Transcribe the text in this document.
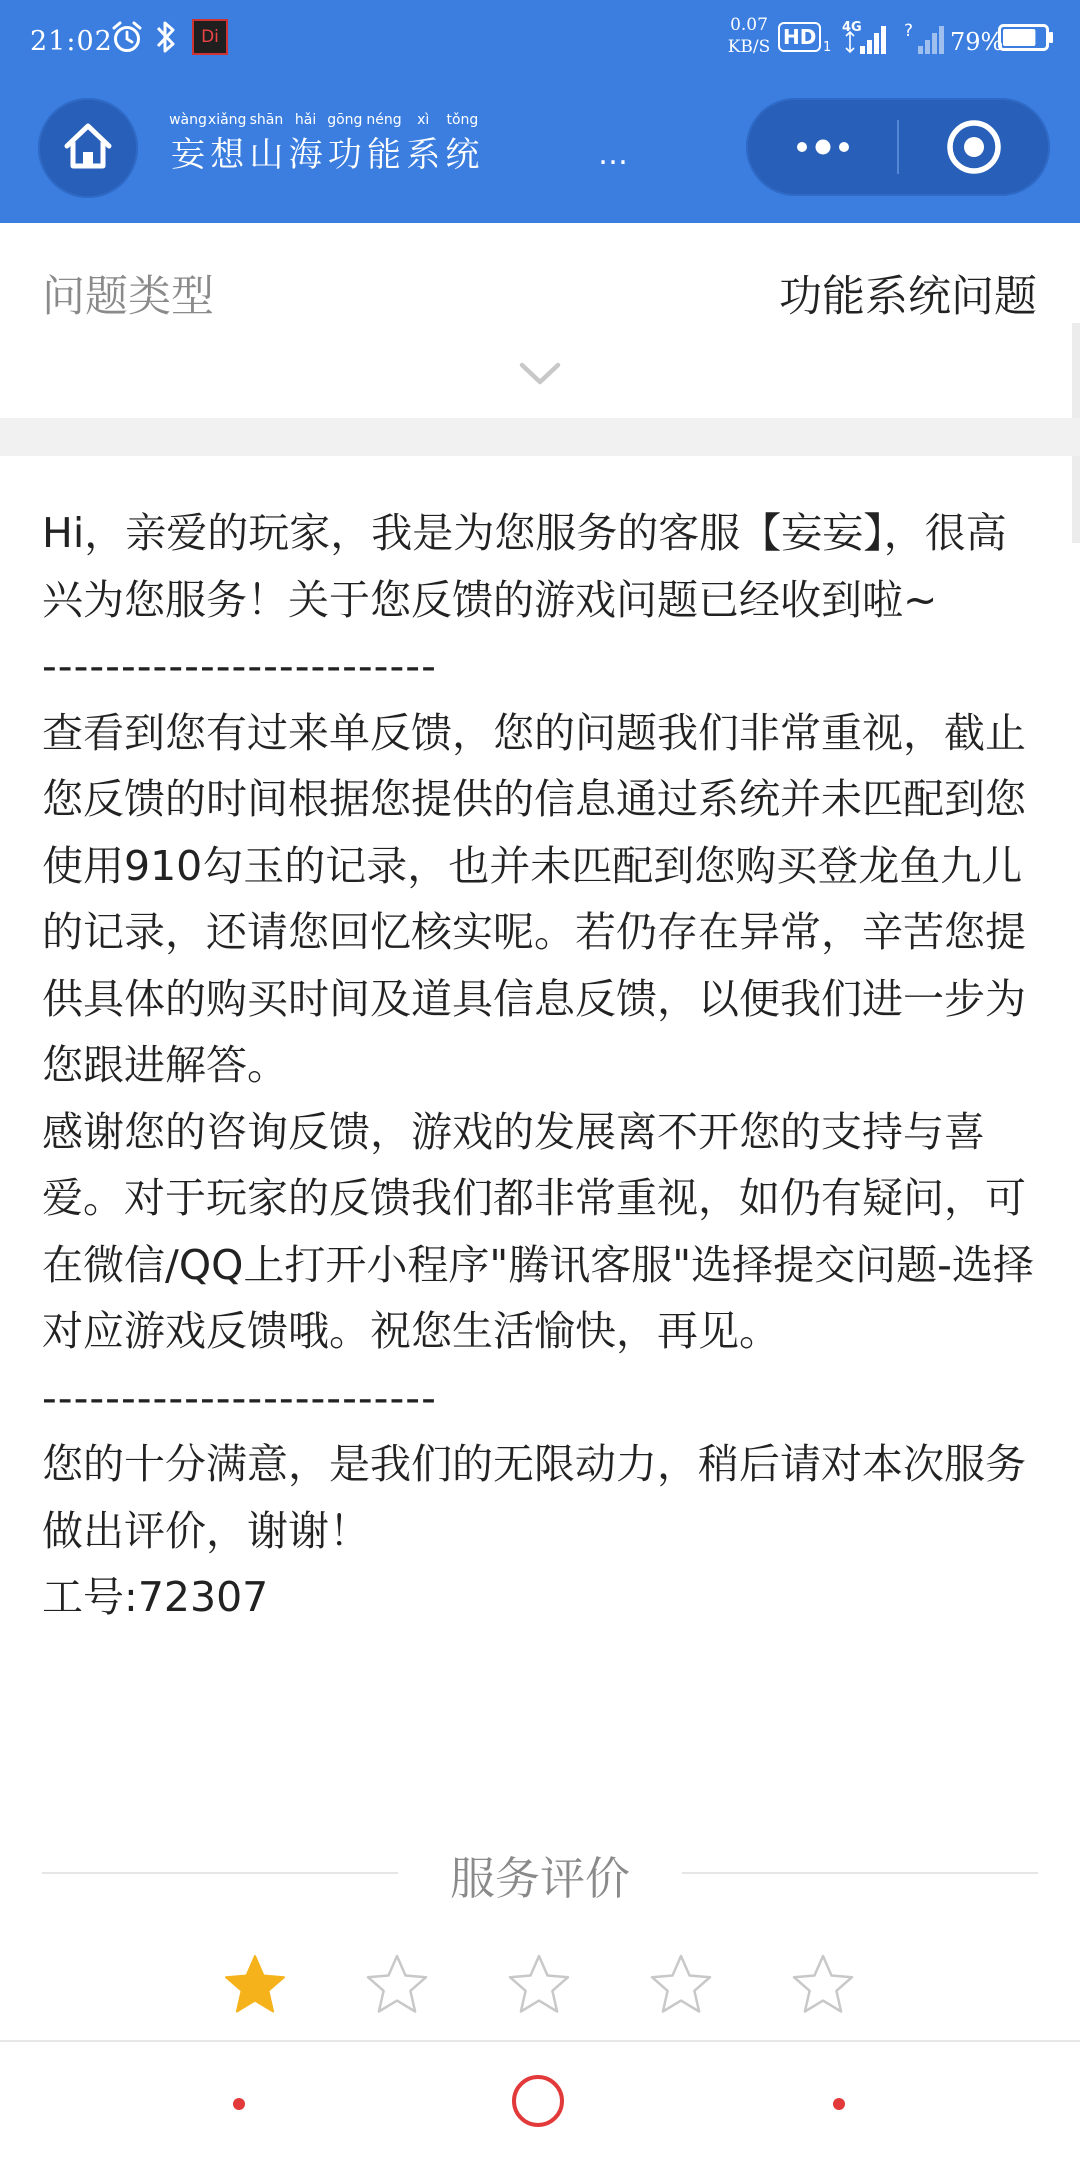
21:02	Di
0.07
KB/S HD 1
4G ? 79%
wàng
妄
xiǎng
想
shān
山
hǎi
海
gōng
功
néng
能
xì
系
tǒng
统	…
问题类型	功能系统问题

Hi，亲爱的玩家，我是为您服务的客服【妄妄】，很高兴为您服务！关于您反馈的游戏问题已经收到啦~

-------------------------

查看到您有过来单反馈，您的问题我们非常重视，截止您反馈的时间根据您提供的信息通过系统并未匹配到您使用910勾玉的记录，也并未匹配到您购买登龙鱼九儿的记录，还请您回忆核实呢。若仍存在异常，辛苦您提供具体的购买时间及道具信息反馈，以便我们进一步为您跟进解答。

感谢您的咨询反馈，游戏的发展离不开您的支持与喜爱。对于玩家的反馈我们都非常重视，如仍有疑问，可在微信/QQ上打开小程序"腾讯客服"选择提交问题-选择对应游戏反馈哦。祝您生活愉快，再见。

-------------------------

您的十分满意，是我们的无限动力，稍后请对本次服务做出评价，谢谢！

工号:72307

服务评价
